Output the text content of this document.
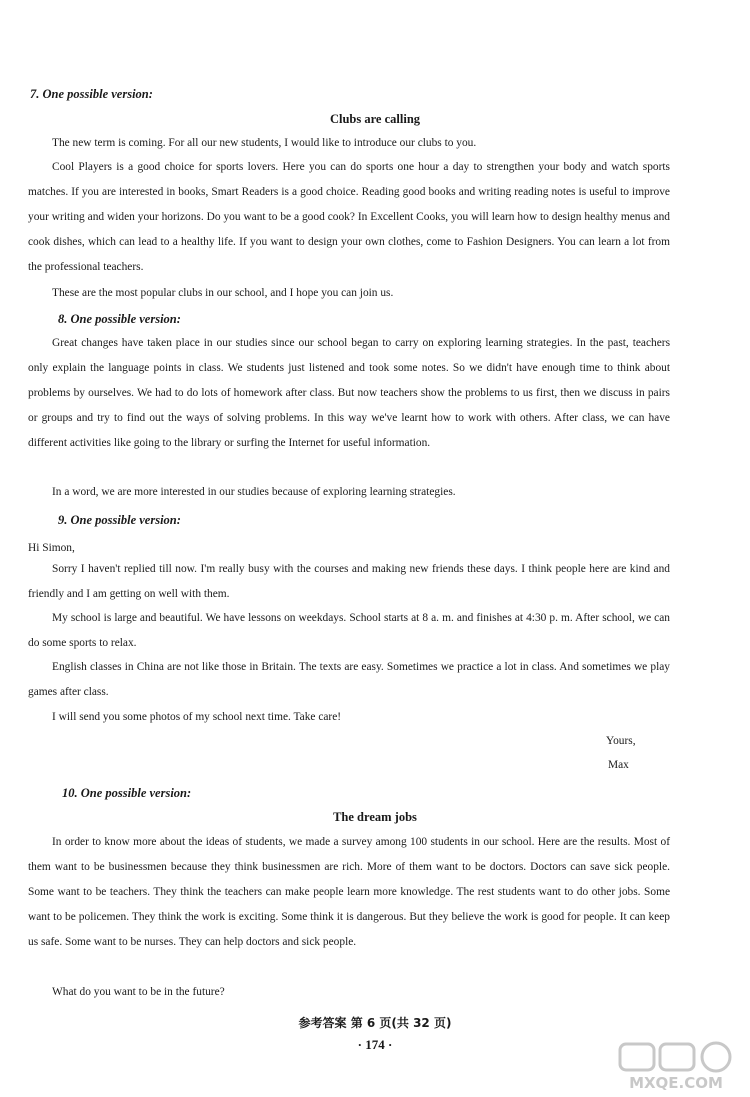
7. One possible version:

Clubs are calling

The new term is coming. For all our new students, I would like to introduce our clubs to you.

Cool Players is a good choice for sports lovers. Here you can do sports one hour a day to strengthen your body and watch sports matches. If you are interested in books, Smart Readers is a good choice. Reading good books and writing reading notes is useful to improve your writing and widen your horizons. Do you want to be a good cook? In Excellent Cooks, you will learn how to design healthy menus and cook dishes, which can lead to a healthy life. If you want to design your own clothes, come to Fashion Designers. You can learn a lot from the professional teachers.

These are the most popular clubs in our school, and I hope you can join us.

8. One possible version:

Great changes have taken place in our studies since our school began to carry on exploring learning strategies. In the past, teachers only explain the language points in class. We students just listened and took some notes. So we didn't have enough time to think about problems by ourselves. We had to do lots of homework after class. But now teachers show the problems to us first, then we discuss in pairs or groups and try to find out the ways of solving problems. In this way we've learnt how to work with others. After class, we can have different activities like going to the library or surfing the Internet for useful information.

In a word, we are more interested in our studies because of exploring learning strategies.

9. One possible version:

Hi Simon,

Sorry I haven't replied till now. I'm really busy with the courses and making new friends these days. I think people here are kind and friendly and I am getting on well with them.

My school is large and beautiful. We have lessons on weekdays. School starts at 8 a. m. and finishes at 4:30 p. m. After school, we can do some sports to relax.

English classes in China are not like those in Britain. The texts are easy. Sometimes we practice a lot in class. And sometimes we play games after class.

I will send you some photos of my school next time. Take care!

Yours,

Max

10. One possible version:

The dream jobs

In order to know more about the ideas of students, we made a survey among 100 students in our school. Here are the results. Most of them want to be businessmen because they think businessmen are rich. More of them want to be doctors. Doctors can save sick people. Some want to be teachers. They think the teachers can make people learn more knowledge. The rest students want to do other jobs. Some want to be policemen. They think the work is exciting. Some think it is dangerous. But they believe the work is good for people. It can keep us safe. Some want to be nurses. They can help doctors and sick people.

What do you want to be in the future?

参考答案 第 6 页(共 32 页)

· 174 ·

MXQE.COM
